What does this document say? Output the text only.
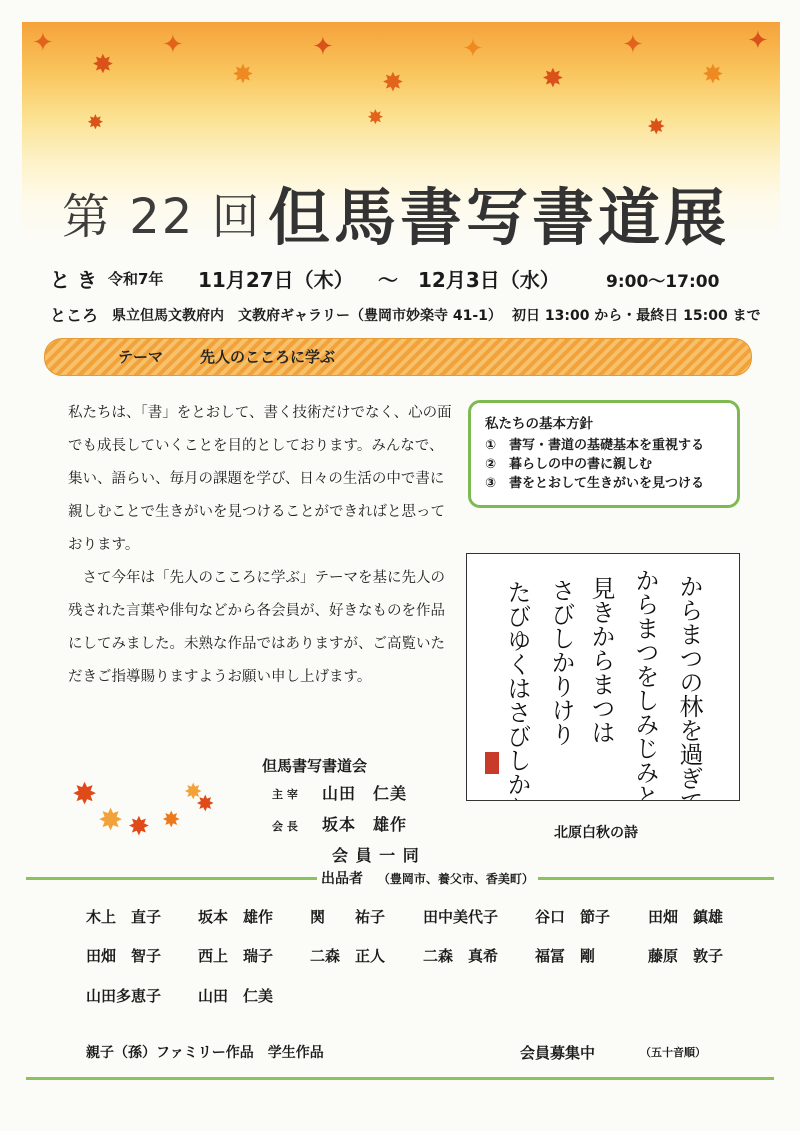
✦
✸
✦
✸
✦
✸
✦
✸
✦
✸
✦
✸	✸	✸
第 22 回 但馬書写書道展
と き 令和7年 11月27日（木） ～ 12月3日（水）	9:00～17:00
ところ 県立但馬文教府内　文教府ギャラリー（豊岡市妙楽寺 41-1） 初日 13:00 から・最終日 15:00 まで
テーマ 先人のこころに学ぶ

私たちは、「書」をとおして、書く技術だけでなく、心の面でも成長していくことを目的としております。みんなで、集い、語らい、毎月の課題を学び、日々の生活の中で書に親しむことで生きがいを見つけることができればと思っております。

さて今年は「先人のこころに学ぶ」テーマを基に先人の残された言葉や俳句などから各会員が、好きなものを作品にしてみました。未熟な作品ではありますが、ご高覧いただきご指導賜りますようお願い申し上げます。

私たちの基本方針
①　書写・書道の基礎基本を重視する
②　暮らしの中の書に親しむ
③　書をとおして生きがいを見つける
からまつの林を過ぎて
からまつをしみじみと
見きからまつは
さびしかりけり
たびゆくはさびしかりけり 北原白秋の詩
✸
✸ ✸ ✸
✸
✸
但馬書写書道会
主 宰 山田　仁美
会 長 坂本　雄作
会 員 一 同
出品者 （豊岡市、養父市、香美町）
木上　直子 坂本　雄作 関　　祐子	田中美代子 谷口　節子	田畑　鎮雄
田畑　智子 西上　瑞子 二森　正人	二森　真希 福冨　剛	藤原　敦子
山田多恵子 山田　仁美
親子（孫）ファミリー作品　学生作品	会員募集中	（五十音順）
